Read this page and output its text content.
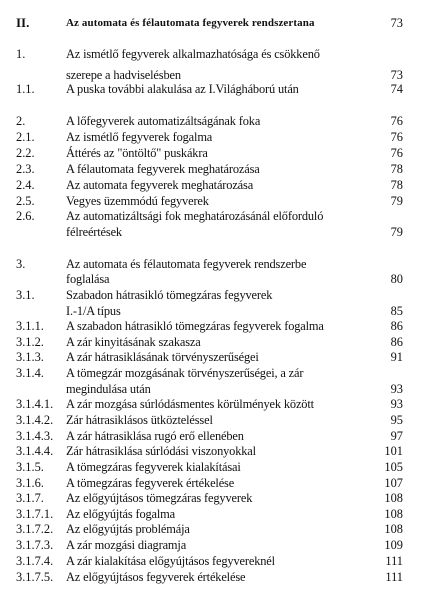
II.	Az automata és félautomata fegyverek rendszertana	73
1.	Az ismétlő fegyverek alkalmazhatósága és csökkenő
szerepe a hadviselésben	73
1.1.	A puska további alakulása az I.Világháború után	74
2.	A lőfegyverek automatizáltságának foka	76
2.1.	Az ismétlő fegyverek fogalma	76
2.2.	Áttérés az "öntöltő" puskákra	76
2.3.	A félautomata fegyverek meghatározása	78
2.4.	Az automata fegyverek meghatározása	78
2.5.	Vegyes üzemmódú fegyverek	79
2.6.	Az automatizáltsági fok meghatározásánál előforduló
félreértések	79
3.	Az automata és félautomata fegyverek rendszerbe
foglalása	80
3.1.	Szabadon hátrasikló tömegzáras fegyverek
I.-1/A típus	85
3.1.1. A szabadon hátrasikló tömegzáras fegyverek fogalma	86
3.1.2. A zár kinyitásának szakasza	86
3.1.3. A zár hátrasiklásának törvényszerűségei	91
3.1.4. A tömegzár mozgásának törvényszerűségei, a zár
megindulása után	93
3.1.4.1. A zár mozgása súrlódásmentes körülmények között	93
3.1.4.2. Zár hátrasiklásos ütközteléssel	95
3.1.4.3. A zár hátrasiklása rugó erő ellenében	97
3.1.4.4. Zár hátrasiklása súrlódási viszonyokkal	101
3.1.5. A tömegzáras fegyverek kialakításai	105
3.1.6. A tömegzáras fegyverek értékelése	107
3.1.7. Az előgyújtásos tömegzáras fegyverek	108
3.1.7.1. Az előgyújtás fogalma	108
3.1.7.2. Az előgyújtás problémája	108
3.1.7.3. A zár mozgási diagramja	109
3.1.7.4. A zár kialakítása előgyújtásos fegyvereknél	111
3.1.7.5. Az előgyújtásos fegyverek értékelése	111
